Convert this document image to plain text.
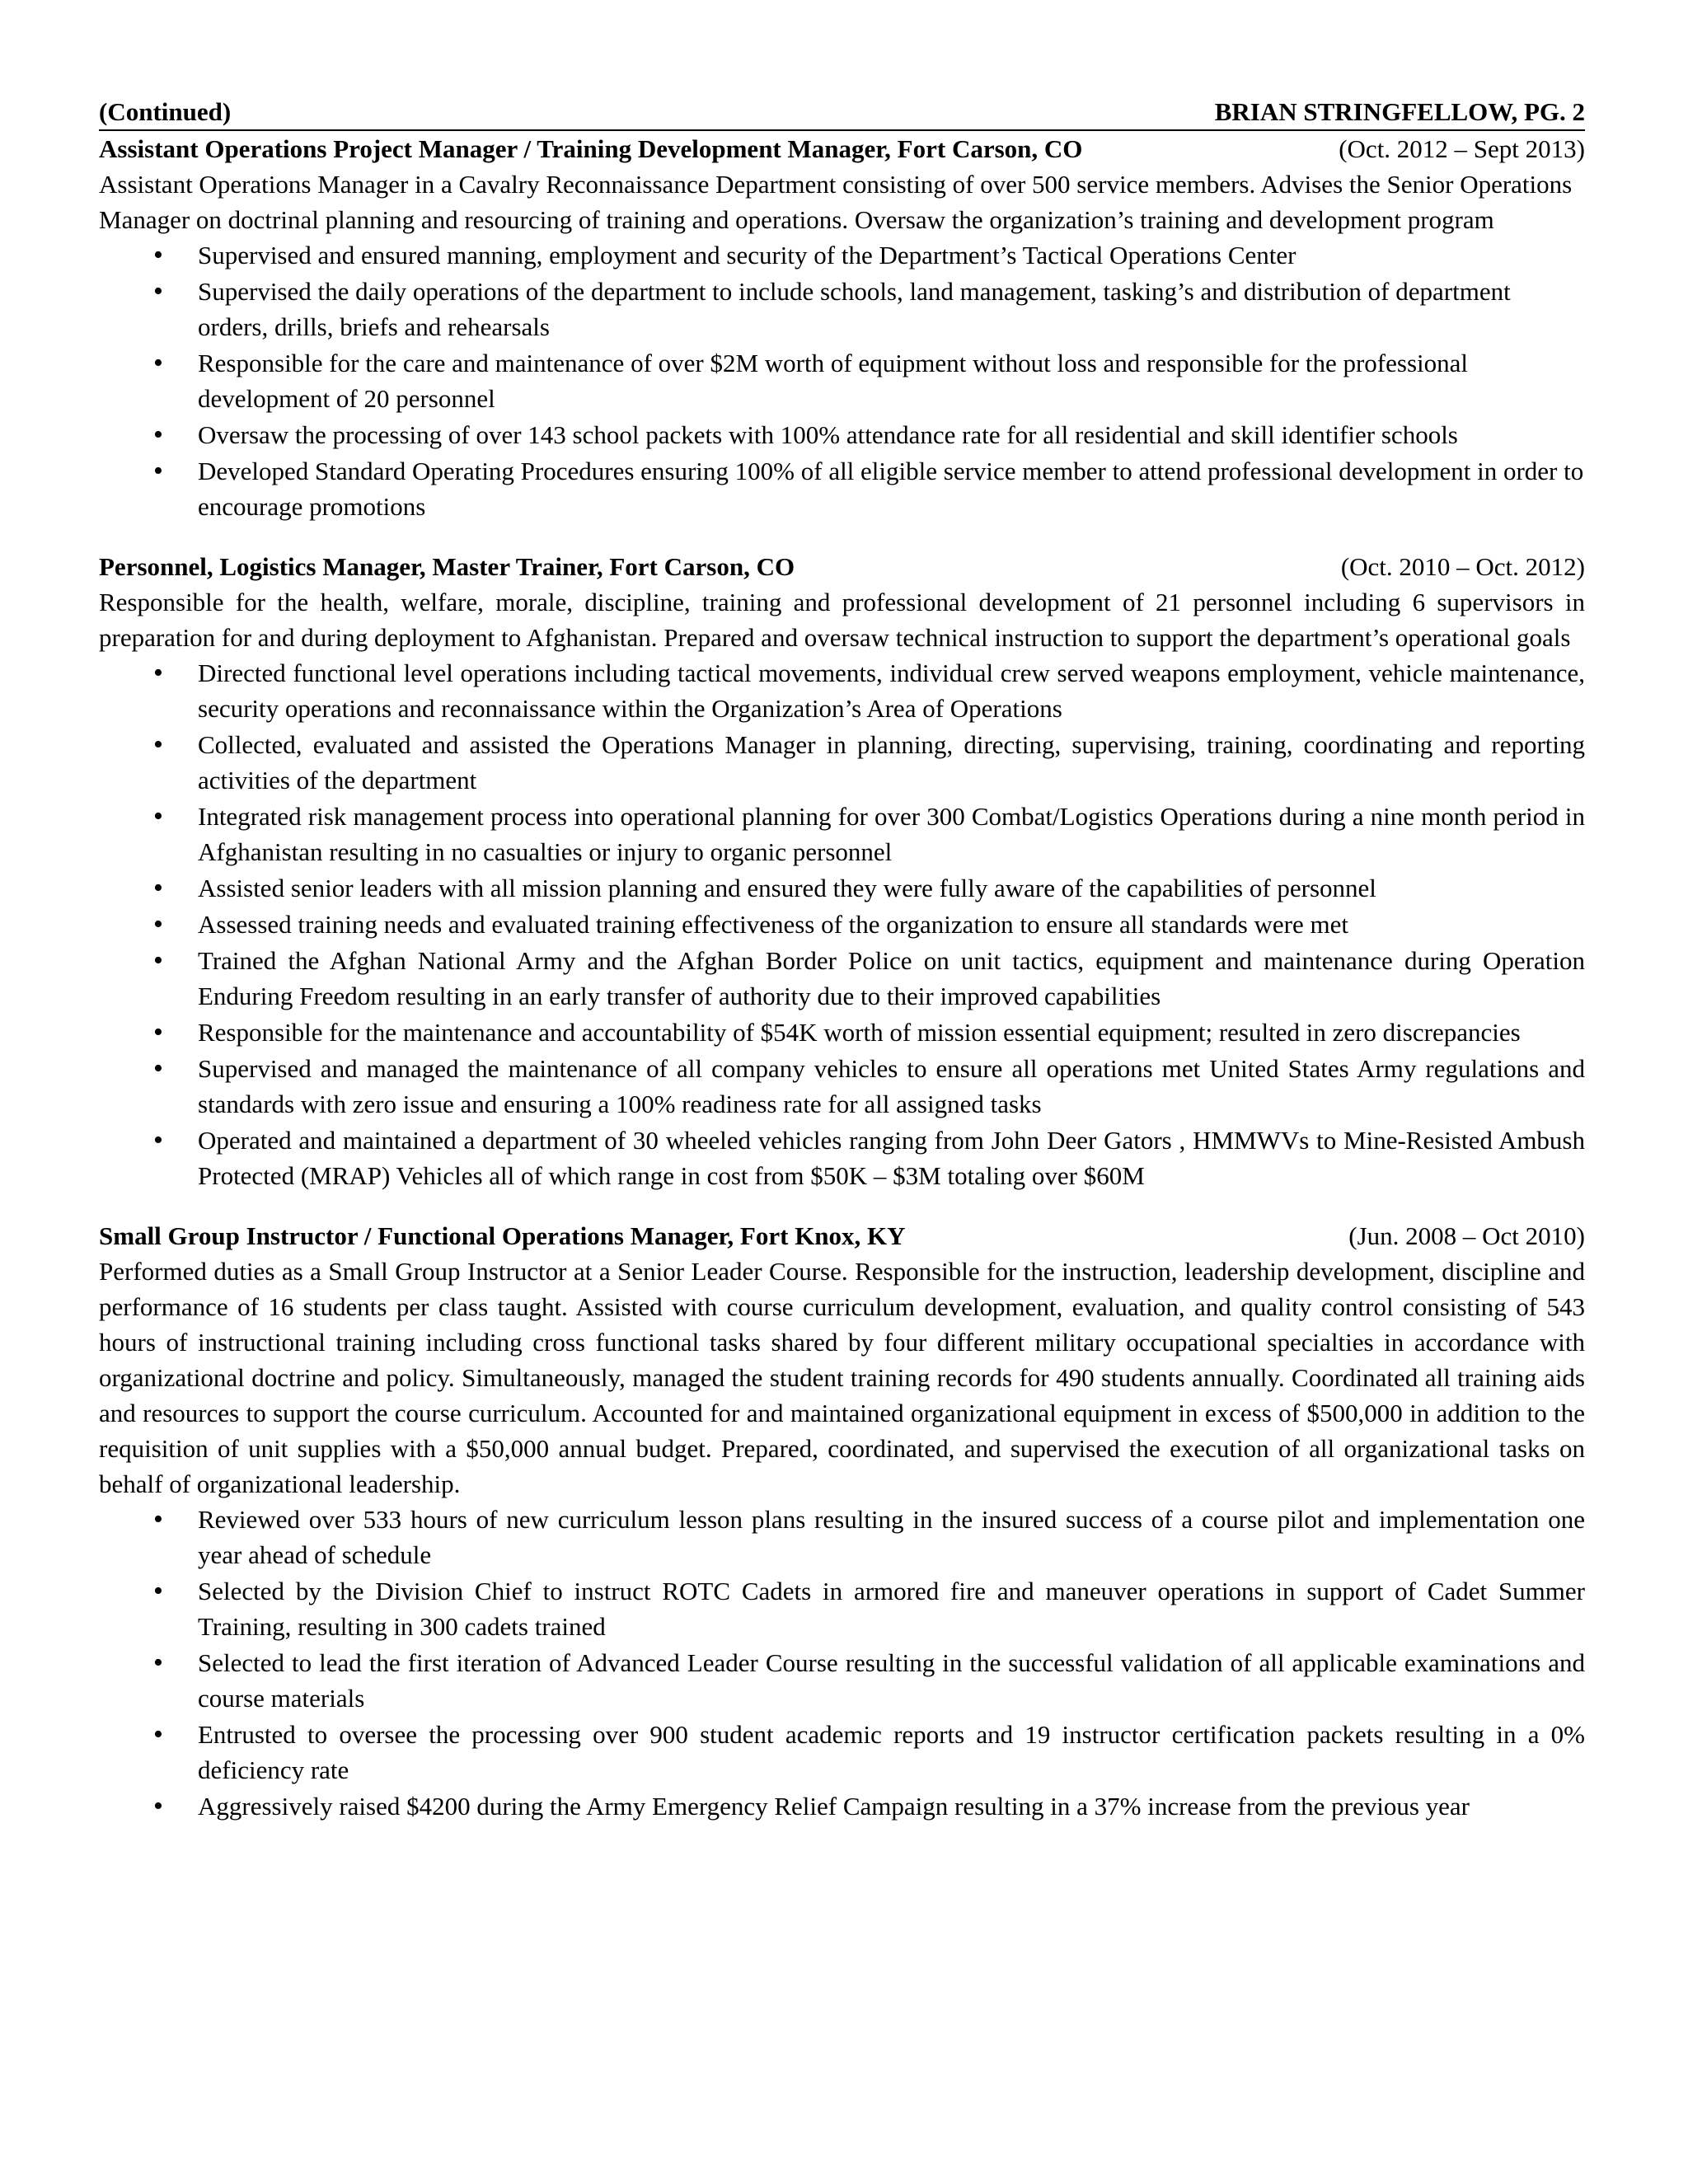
(Continued)	BRIAN STRINGFELLOW, PG. 2
Assistant Operations Project Manager / Training Development Manager, Fort Carson, CO	(Oct. 2012 – Sept 2013)

Assistant Operations Manager in a Cavalry Reconnaissance Department consisting of over 500 service members. Advises the Senior Operations Manager on doctrinal planning and resourcing of training and operations. Oversaw the organization’s training and development program

• Supervised and ensured manning, employment and security of the Department’s Tactical Operations Center
• Supervised the daily operations of the department to include schools, land management, tasking’s and distribution of department orders, drills, briefs and rehearsals
• Responsible for the care and maintenance of over $2M worth of equipment without loss and responsible for the professional development of 20 personnel
• Oversaw the processing of over 143 school packets with 100% attendance rate for all residential and skill identifier schools
• Developed Standard Operating Procedures ensuring 100% of all eligible service member to attend professional development in order to encourage promotions
Personnel, Logistics Manager, Master Trainer, Fort Carson, CO	(Oct. 2010 – Oct. 2012)

Responsible for the health, welfare, morale, discipline, training and professional development of 21 personnel including 6 supervisors in preparation for and during deployment to Afghanistan. Prepared and oversaw technical instruction to support the department’s operational goals

• Directed functional level operations including tactical movements, individual crew served weapons employment, vehicle maintenance, security operations and reconnaissance within the Organization’s Area of Operations
• Collected, evaluated and assisted the Operations Manager in planning, directing, supervising, training, coordinating and reporting activities of the department
• Integrated risk management process into operational planning for over 300 Combat/Logistics Operations during a nine month period in Afghanistan resulting in no casualties or injury to organic personnel
• Assisted senior leaders with all mission planning and ensured they were fully aware of the capabilities of personnel
• Assessed training needs and evaluated training effectiveness of the organization to ensure all standards were met
• Trained the Afghan National Army and the Afghan Border Police on unit tactics, equipment and maintenance during Operation Enduring Freedom resulting in an early transfer of authority due to their improved capabilities
• Responsible for the maintenance and accountability of $54K worth of mission essential equipment; resulted in zero discrepancies
• Supervised and managed the maintenance of all company vehicles to ensure all operations met United States Army regulations and standards with zero issue and ensuring a 100% readiness rate for all assigned tasks
• Operated and maintained a department of 30 wheeled vehicles ranging from John Deer Gators , HMMWVs to Mine-Resisted Ambush Protected (MRAP) Vehicles all of which range in cost from $50K – $3M totaling over $60M
Small Group Instructor / Functional Operations Manager, Fort Knox, KY	(Jun. 2008 – Oct 2010)

Performed duties as a Small Group Instructor at a Senior Leader Course. Responsible for the instruction, leadership development, discipline and performance of 16 students per class taught. Assisted with course curriculum development, evaluation, and quality control consisting of 543 hours of instructional training including cross functional tasks shared by four different military occupational specialties in accordance with organizational doctrine and policy. Simultaneously, managed the student training records for 490 students annually. Coordinated all training aids and resources to support the course curriculum. Accounted for and maintained organizational equipment in excess of $500,000 in addition to the requisition of unit supplies with a $50,000 annual budget. Prepared, coordinated, and supervised the execution of all organizational tasks on behalf of organizational leadership.

• Reviewed over 533 hours of new curriculum lesson plans resulting in the insured success of a course pilot and implementation one year ahead of schedule
• Selected by the Division Chief to instruct ROTC Cadets in armored fire and maneuver operations in support of Cadet Summer Training, resulting in 300 cadets trained
• Selected to lead the first iteration of Advanced Leader Course resulting in the successful validation of all applicable examinations and course materials
• Entrusted to oversee the processing over 900 student academic reports and 19 instructor certification packets resulting in a 0% deficiency rate
• Aggressively raised $4200 during the Army Emergency Relief Campaign resulting in a 37% increase from the previous year
